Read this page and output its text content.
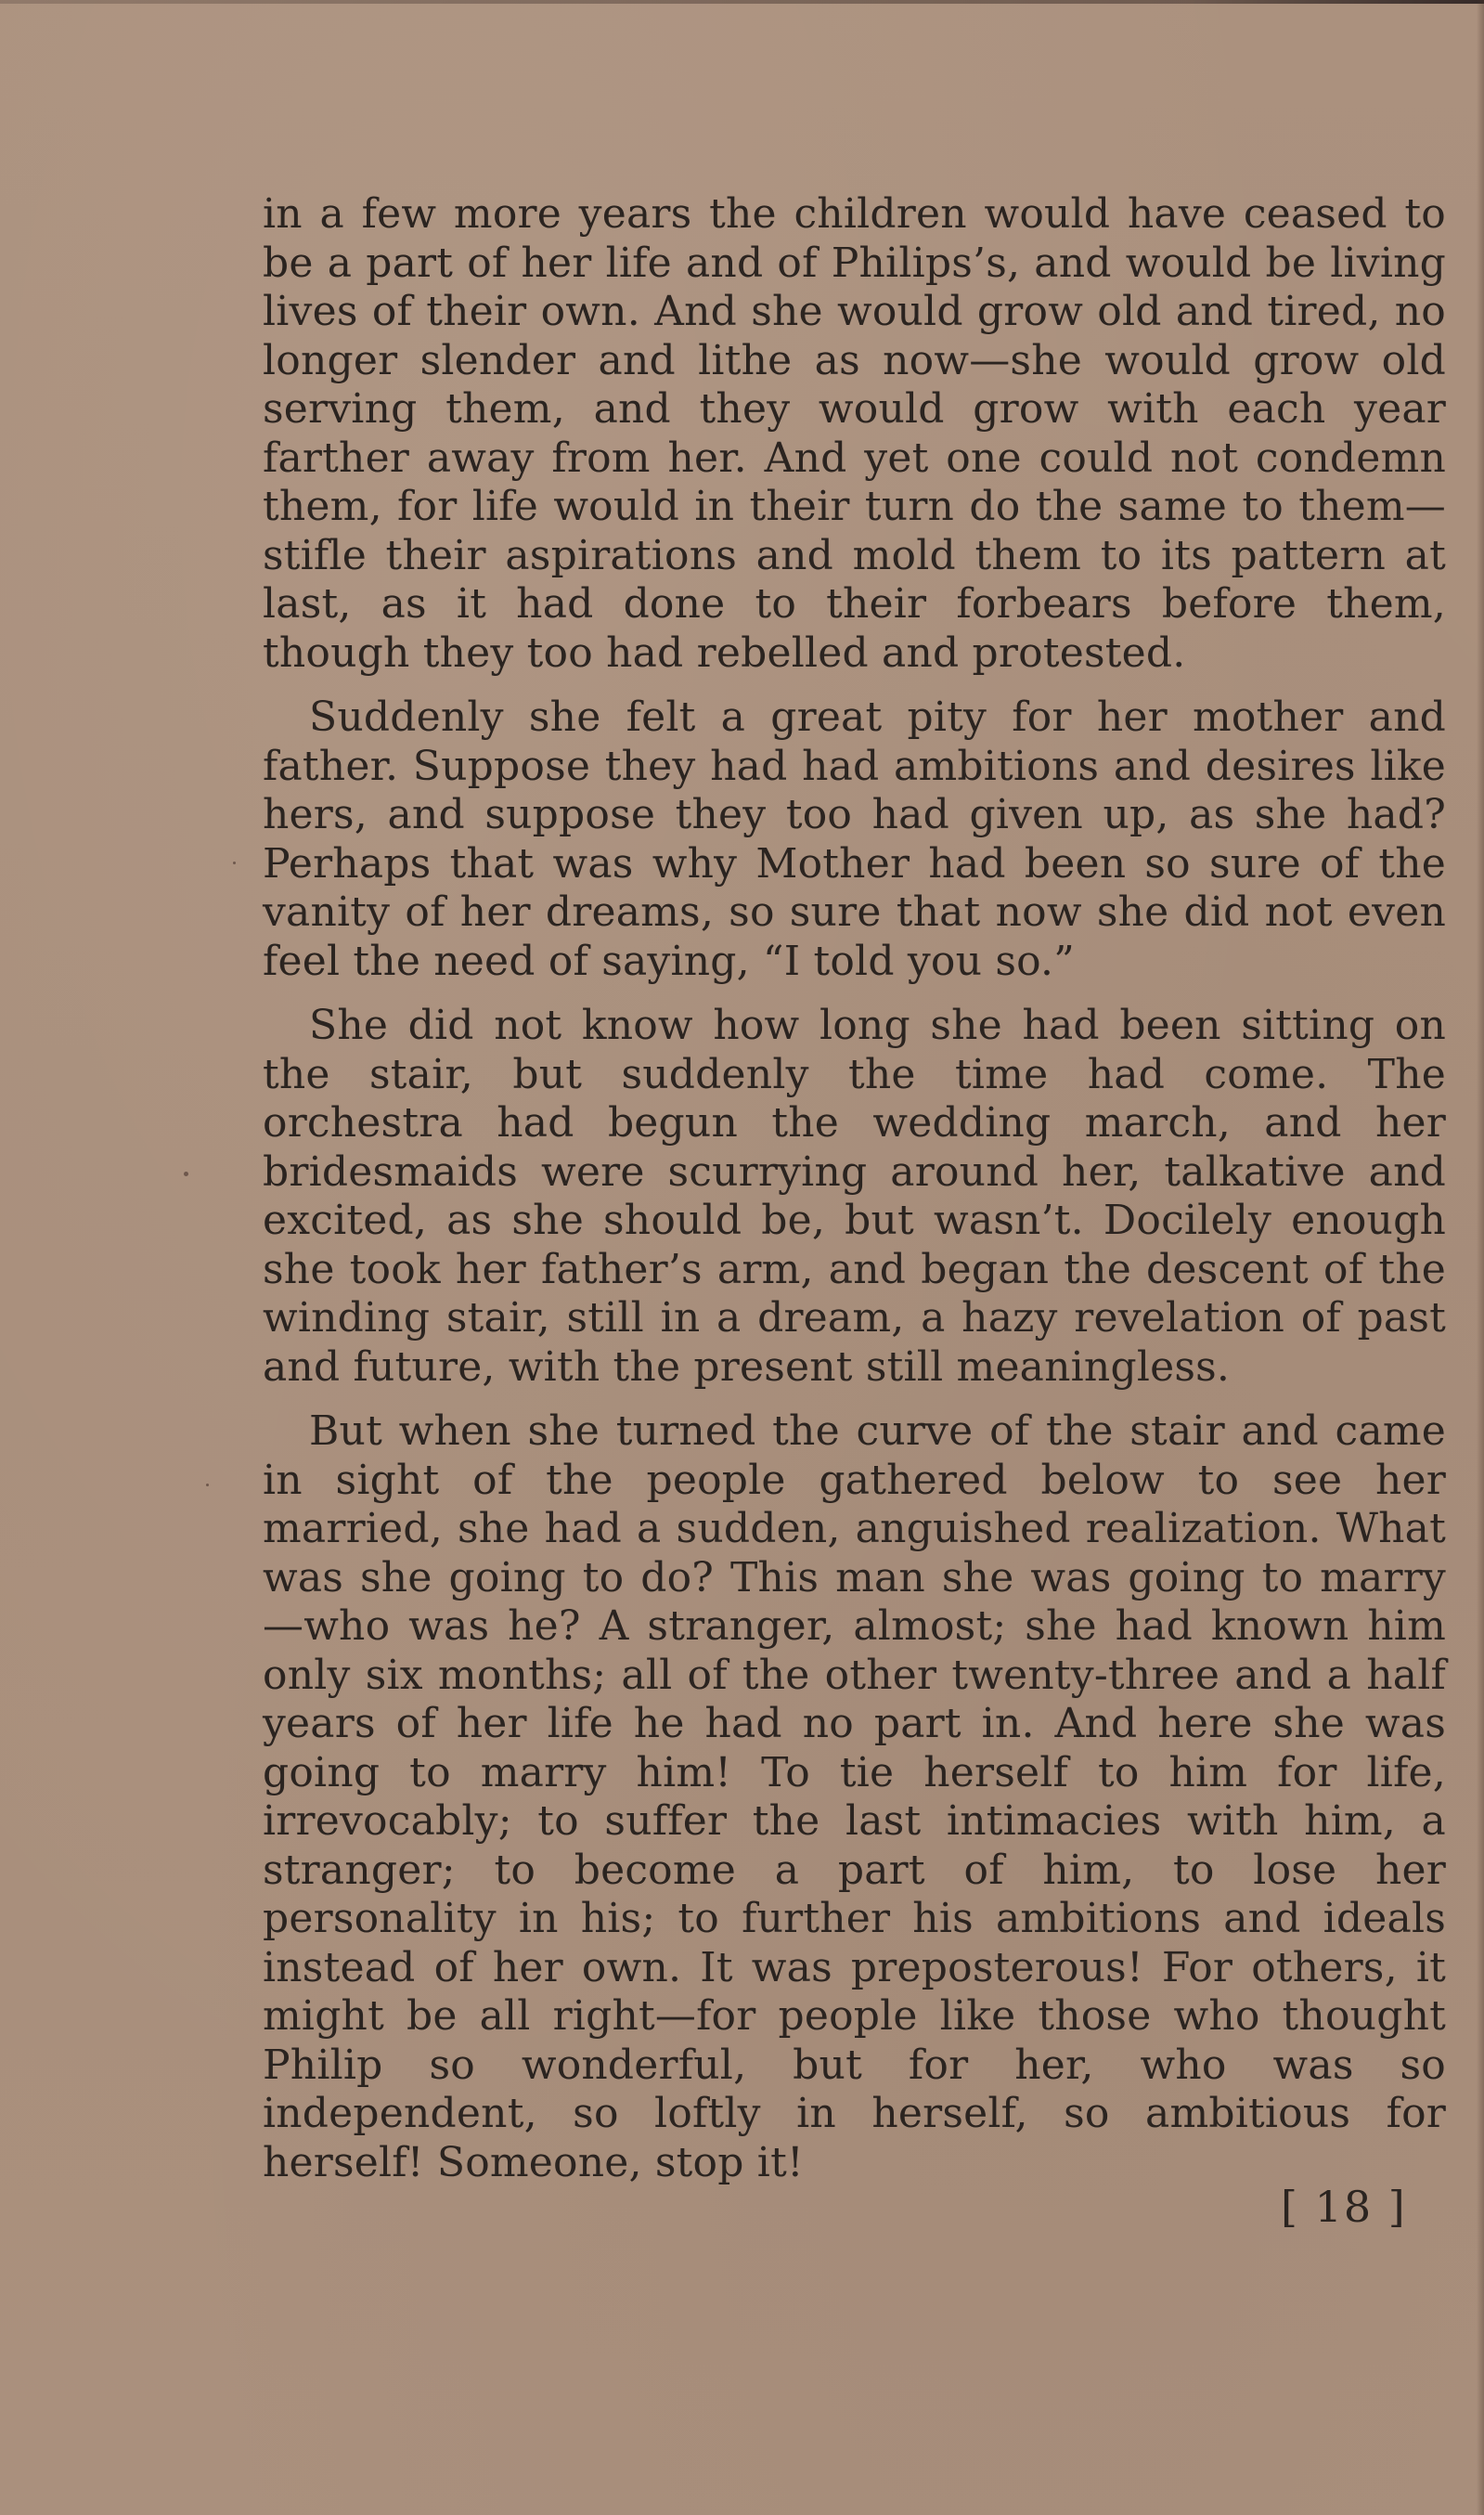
in a few more years the children would have ceased to be a part of her life and of Philips’s, and would be living lives of their own. And she would grow old and tired, no longer slender and lithe as now—she would grow old serving them, and they would grow with each year farther away from her. And yet one could not condemn them, for life would in their turn do the same to them—stifle their aspirations and mold them to its pattern at last, as it had done to their forbears before them, though they too had rebelled and protested.

Suddenly she felt a great pity for her mother and father. Suppose they had had ambitions and desires like hers, and suppose they too had given up, as she had? Perhaps that was why Mother had been so sure of the vanity of her dreams, so sure that now she did not even feel the need of saying, “I told you so.”

She did not know how long she had been sitting on the stair, but suddenly the time had come. The orchestra had begun the wedding march, and her bridesmaids were scurrying around her, talkative and excited, as she should be, but wasn’t. Docilely enough she took her father’s arm, and began the descent of the winding stair, still in a dream, a hazy revelation of past and future, with the present still meaningless.

But when she turned the curve of the stair and came in sight of the people gathered below to see her married, she had a sudden, anguished realization. What was she going to do? This man she was going to marry—who was he? A stranger, almost; she had known him only six months; all of the other twenty-three and a half years of her life he had no part in. And here she was going to marry him! To tie herself to him for life, irrevocably; to suffer the last intimacies with him, a stranger; to become a part of him, to lose her personality in his; to further his ambitions and ideals instead of her own. It was preposterous! For others, it might be all right—for people like those who thought Philip so wonderful, but for her, who was so independent, so loftly in herself, so ambitious for herself! Someone, stop it!

[ 18 ]
